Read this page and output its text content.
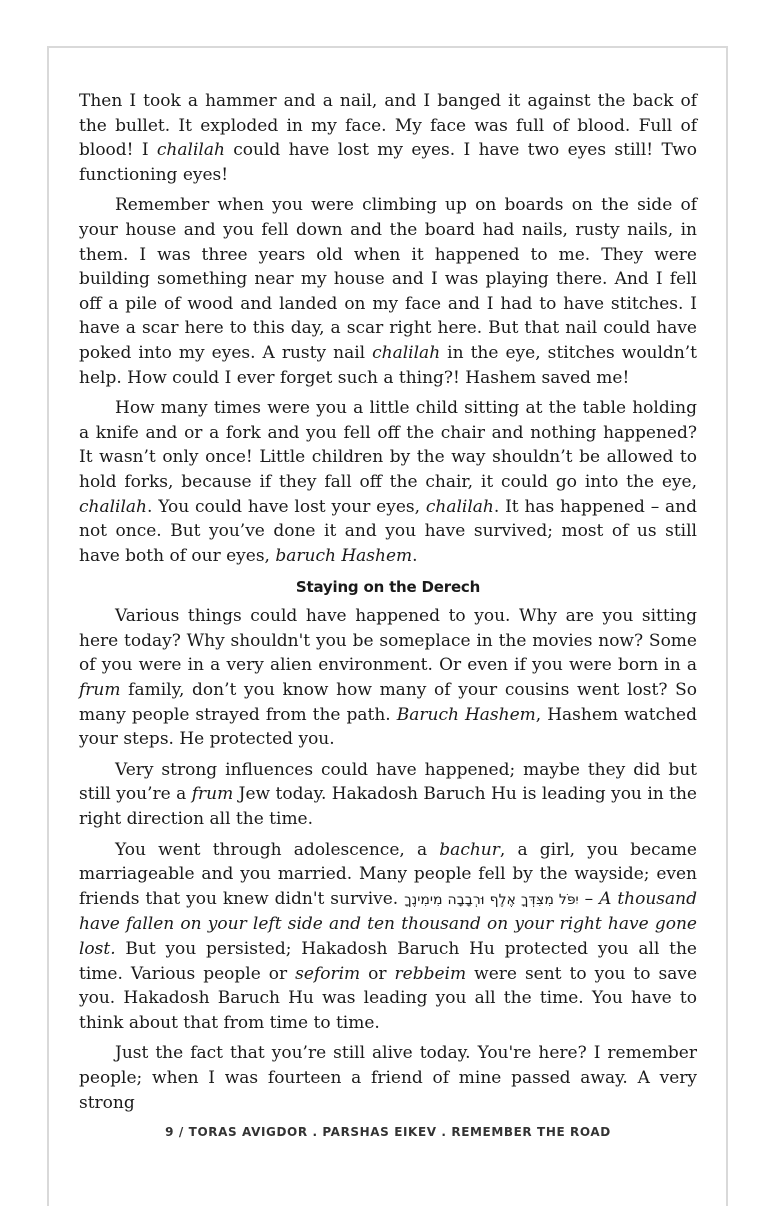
Then I took a hammer and a nail, and I banged it against the back of the bullet. It exploded in my face. My face was full of blood. Full of blood! I chalilah could have lost my eyes. I have two eyes still! Two functioning eyes!

Remember when you were climbing up on boards on the side of your house and you fell down and the board had nails, rusty nails, in them. I was three years old when it happened to me. They were building something near my house and I was playing there. And I fell off a pile of wood and landed on my face and I had to have stitches. I have a scar here to this day, a scar right here. But that nail could have poked into my eyes. A rusty nail chalilah in the eye, stitches wouldn’t help. How could I ever forget such a thing?! Hashem saved me!

How many times were you a little child sitting at the table holding a knife and or a fork and you fell off the chair and nothing happened? It wasn’t only once! Little children by the way shouldn’t be allowed to hold forks, because if they fall off the chair, it could go into the eye, chalilah. You could have lost your eyes, chalilah. It has happened – and not once. But you’ve done it and you have survived; most of us still have both of our eyes, baruch Hashem.

Staying on the Derech

Various things could have happened to you. Why are you sitting here today? Why shouldn't you be someplace in the movies now? Some of you were in a very alien environment. Or even if you were born in a frum family, don’t you know how many of your cousins went lost? So many people strayed from the path. Baruch Hashem, Hashem watched your steps. He protected you.

Very strong influences could have happened; maybe they did but still you’re a frum Jew today. Hakadosh Baruch Hu is leading you in the right direction all the time.

You went through adolescence, a bachur, a girl, you became marriageable and you married. Many people fell by the wayside; even friends that you knew didn't survive. יִפֹּל מִצִּדְּךָ אֶלֶף וּרְבָבָה מִימִינֶךָ – A thousand have fallen on your left side and ten thousand on your right have gone lost. But you persisted; Hakadosh Baruch Hu protected you all the time. Various people or seforim or rebbeim were sent to you to save you. Hakadosh Baruch Hu was leading you all the time. You have to think about that from time to time.

Just the fact that you’re still alive today. You're here? I remember people; when I was fourteen a friend of mine passed away. A very strong

9 / TORAS AVIGDOR . PARSHAS EIKEV . REMEMBER THE ROAD
